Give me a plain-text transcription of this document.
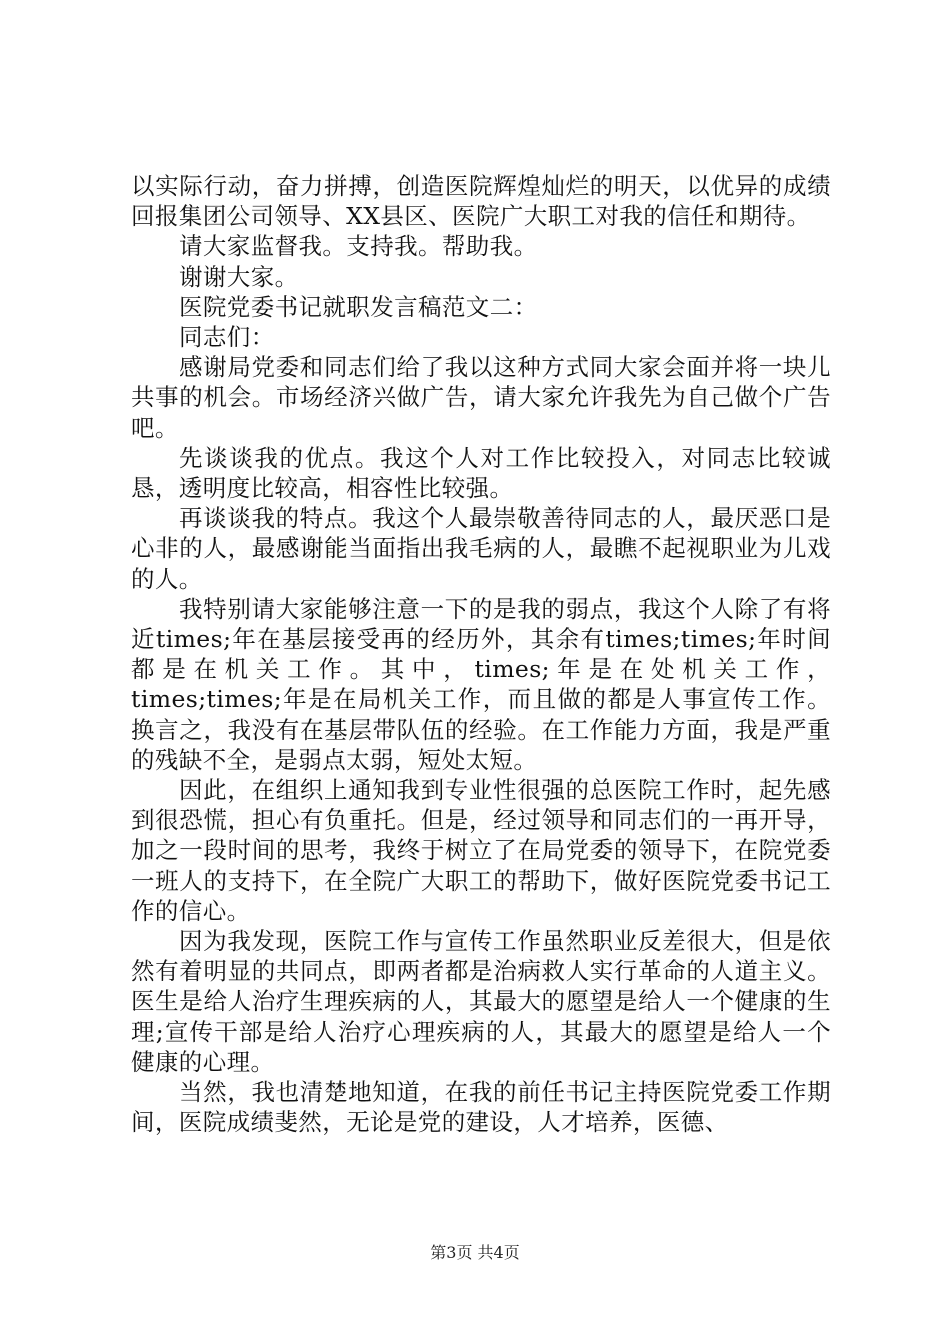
以实际行动，奋力拼搏，创造医院辉煌灿烂的明天，以优异的成绩回报集团公司领导、XX县区、医院广大职工对我的信任和期待。

请大家监督我。支持我。帮助我。

谢谢大家。

医院党委书记就职发言稿范文二：

同志们：

感谢局党委和同志们给了我以这种方式同大家会面并将一块儿共事的机会。市场经济兴做广告，请大家允许我先为自己做个广告吧。

先谈谈我的优点。我这个人对工作比较投入，对同志比较诚恳，透明度比较高，相容性比较强。

再谈谈我的特点。我这个人最崇敬善待同志的人，最厌恶口是心非的人，最感谢能当面指出我毛病的人，最瞧不起视职业为儿戏的人。

我特别请大家能够注意一下的是我的弱点，我这个人除了有将近times;年在基层接受再的经历外，其余有times;times;年时间都是在机关工作。其中，times;年是在处机关工作，times;times;年是在局机关工作，而且做的都是人事宣传工作。换言之，我没有在基层带队伍的经验。在工作能力方面，我是严重的残缺不全，是弱点太弱，短处太短。

因此，在组织上通知我到专业性很强的总医院工作时，起先感到很恐慌，担心有负重托。但是，经过领导和同志们的一再开导，加之一段时间的思考，我终于树立了在局党委的领导下，在院党委一班人的支持下，在全院广大职工的帮助下，做好医院党委书记工作的信心。

因为我发现，医院工作与宣传工作虽然职业反差很大，但是依然有着明显的共同点，即两者都是治病救人实行革命的人道主义。医生是给人治疗生理疾病的人，其最大的愿望是给人一个健康的生理;宣传干部是给人治疗心理疾病的人，其最大的愿望是给人一个健康的心理。

当然，我也清楚地知道，在我的前任书记主持医院党委工作期间，医院成绩斐然，无论是党的建设，人才培养，医德、

第3页 共4页
